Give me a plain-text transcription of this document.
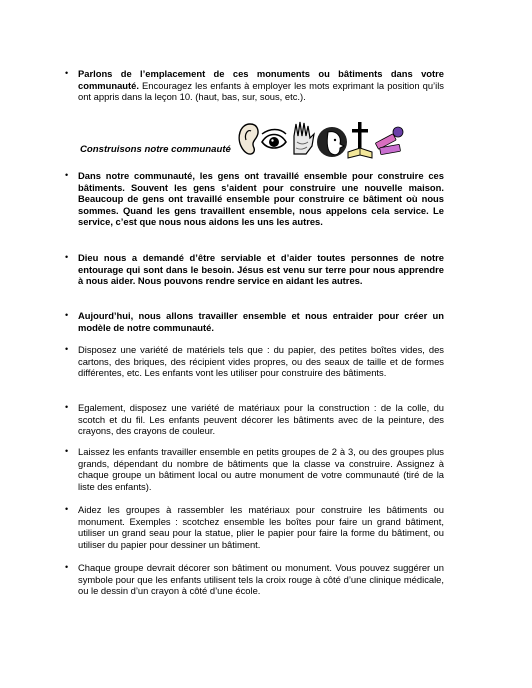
• Parlons de l’emplacement de ces monuments ou bâtiments dans votre communauté. Encouragez les enfants à employer les mots exprimant la position qu’ils ont appris dans la leçon 10. (haut, bas, sur, sous, etc.).
Construisons notre communauté
• Dans notre communauté, les gens ont travaillé ensemble pour construire ces bâtiments. Souvent les gens s’aident pour construire une nouvelle maison. Beaucoup de gens ont travaillé ensemble pour construire ce bâtiment où nous sommes. Quand les gens travaillent ensemble, nous appelons cela service. Le service, c’est que nous nous aidons les uns les autres.
• Dieu nous a demandé d’être serviable et d’aider toutes personnes de notre entourage qui sont dans le besoin. Jésus est venu sur terre pour nous apprendre à nous aider. Nous pouvons rendre service en aidant les autres.
• Aujourd’hui, nous allons travailler ensemble et nous entraider pour créer un modèle de notre communauté.
• Disposez une variété de matériels tels que : du papier, des petites boîtes vides, des cartons, des briques, des récipient vides propres, ou des seaux de taille et de formes différentes, etc. Les enfants vont les utiliser pour construire des bâtiments.
• Egalement, disposez une variété de matériaux pour la construction : de la colle, du scotch et du fil. Les enfants peuvent décorer les bâtiments avec de la peinture, des crayons, des crayons de couleur.
• Laissez les enfants travailler ensemble en petits groupes de 2 à 3, ou des groupes plus grands, dépendant du nombre de bâtiments que la classe va construire. Assignez à chaque groupe un bâtiment local ou autre monument de votre communauté (tiré de la liste des enfants).
• Aidez les groupes à rassembler les matériaux pour construire les bâtiments ou monument. Exemples : scotchez ensemble les boîtes pour faire un grand bâtiment, utiliser un grand seau pour la statue, plier le papier pour faire la forme du bâtiment, ou utiliser du papier pour dessiner un bâtiment.
• Chaque groupe devrait décorer son bâtiment ou monument. Vous pouvez suggérer un symbole pour que les enfants utilisent tels la croix rouge à côté d’une clinique médicale, ou le dessin d’un crayon à côté d’une école.
